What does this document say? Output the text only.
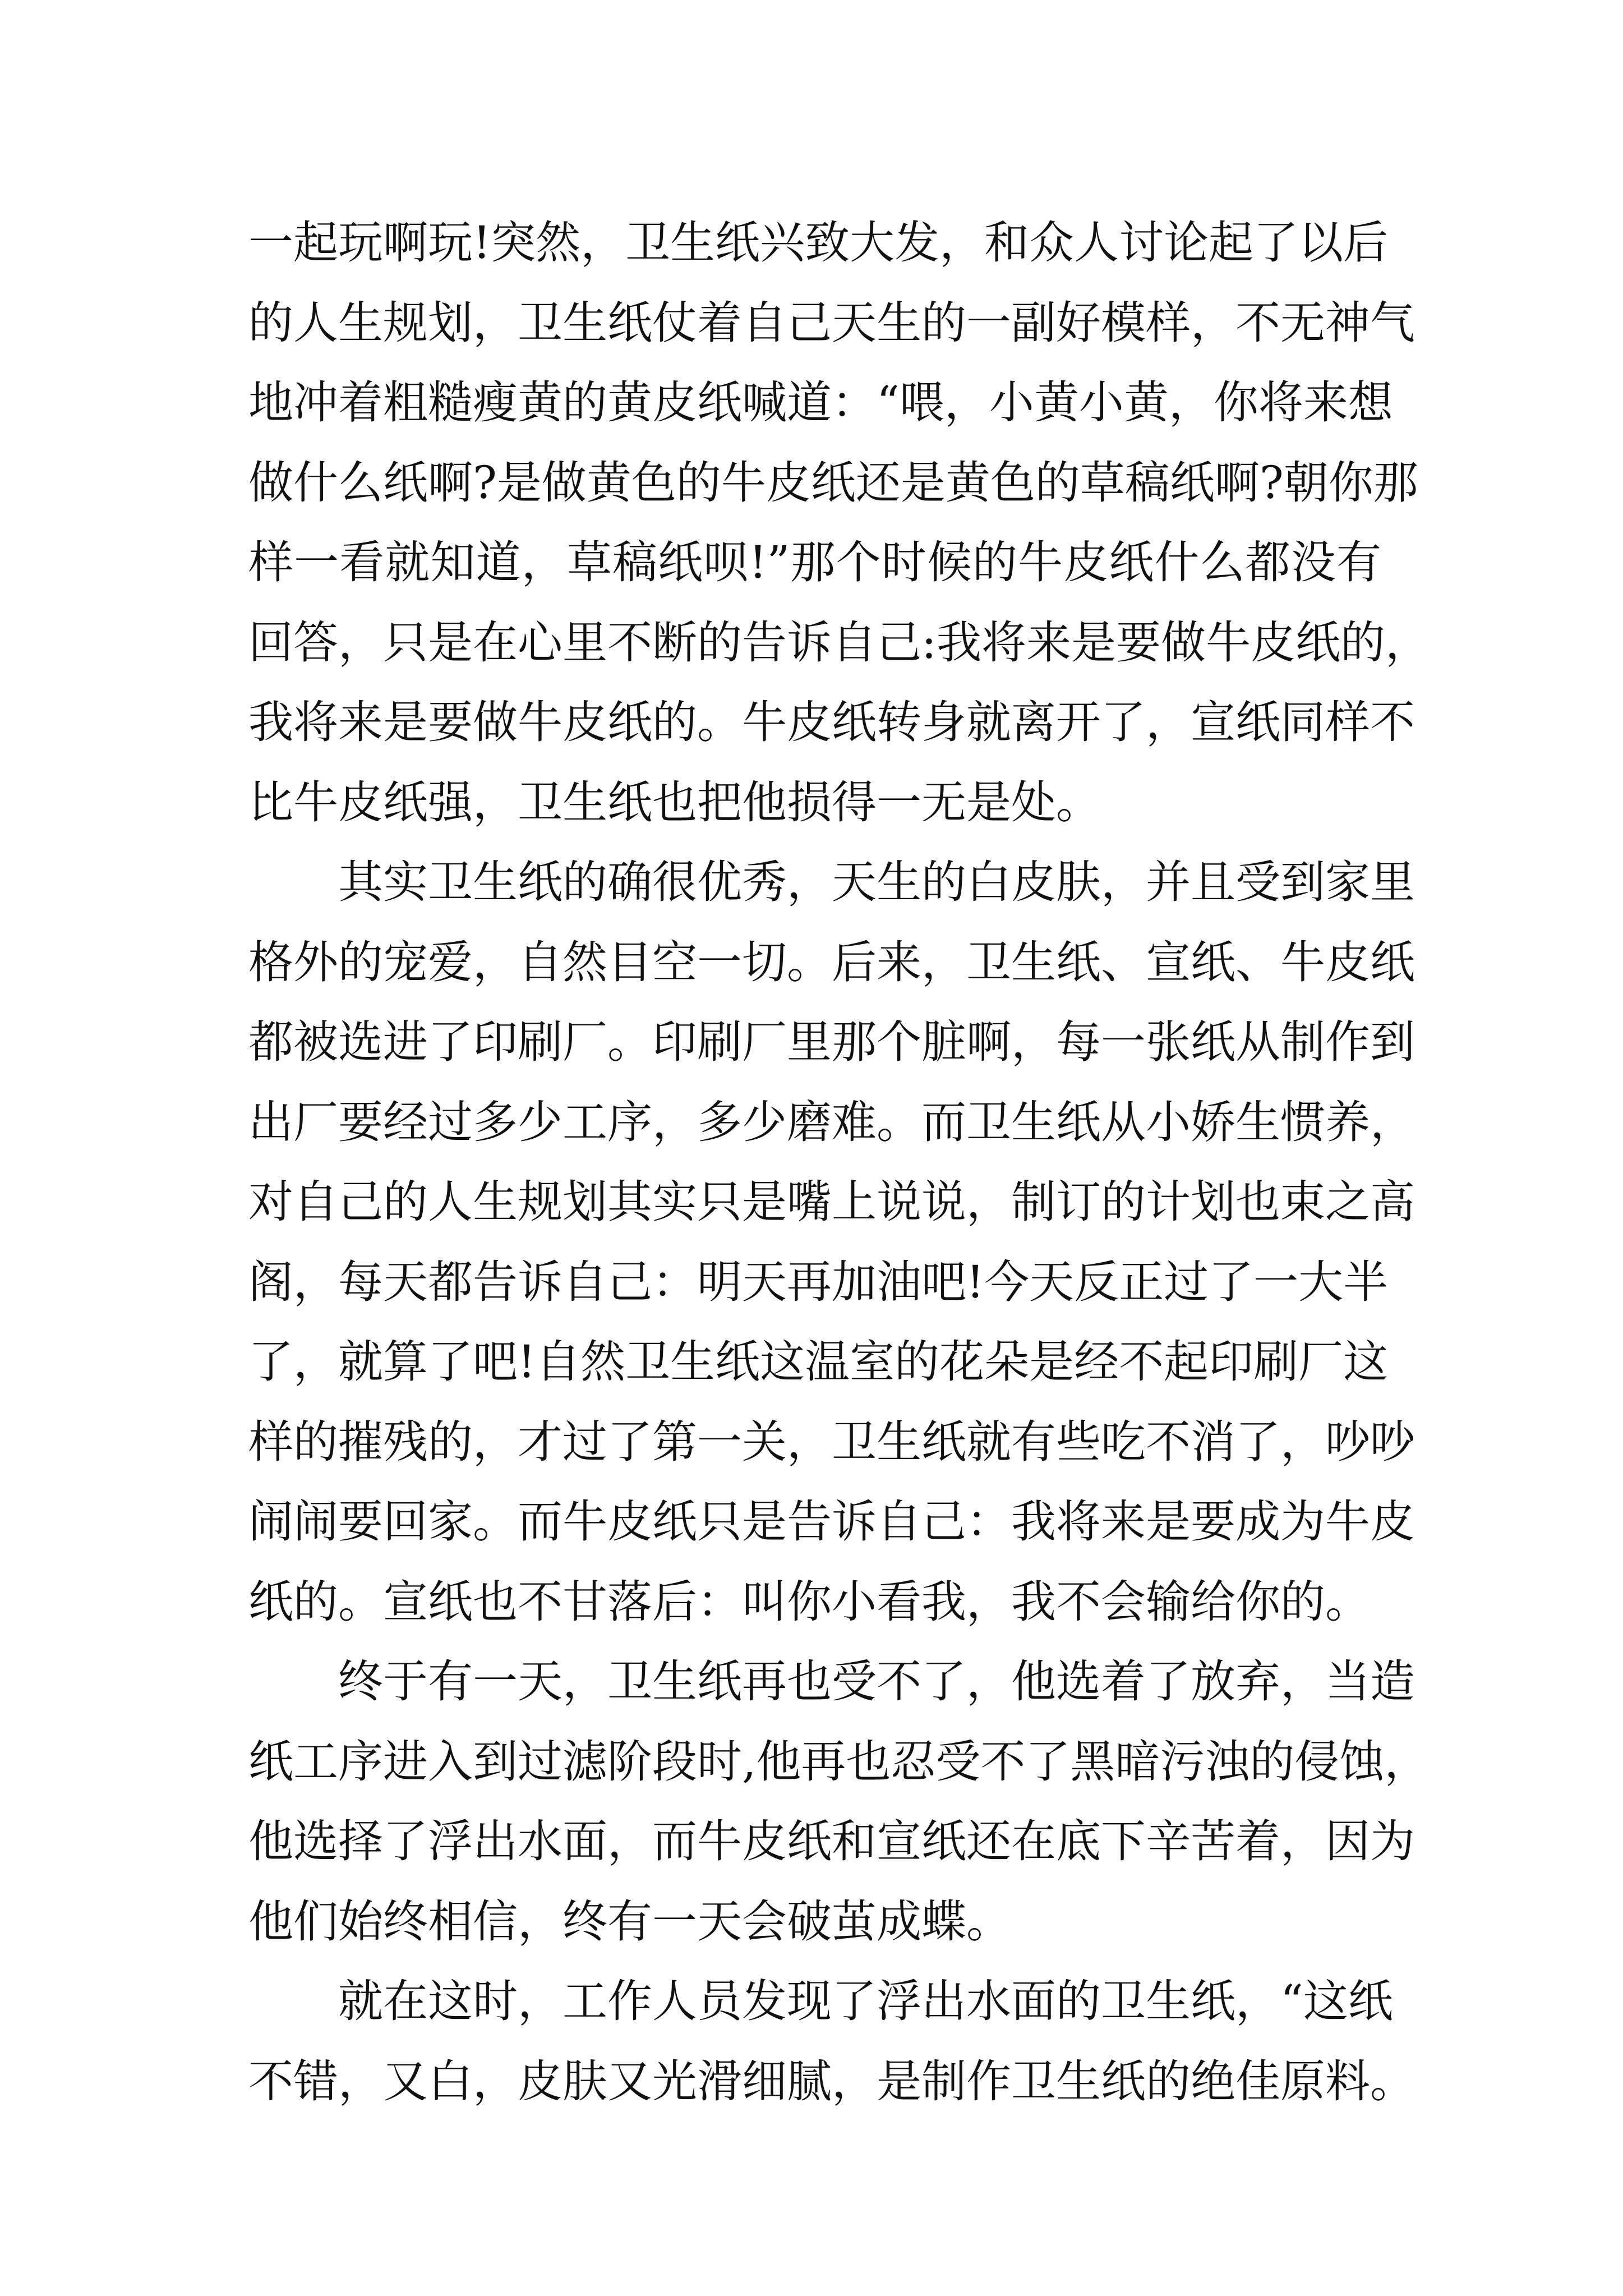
一起玩啊玩!突然，卫生纸兴致大发，和众人讨论起了以后
的人生规划，卫生纸仗着自己天生的一副好模样，不无神气
地冲着粗糙瘦黄的黄皮纸喊道：“喂，小黄小黄，你将来想
做什么纸啊?是做黄色的牛皮纸还是黄色的草稿纸啊?朝你那
样一看就知道，草稿纸呗!”那个时候的牛皮纸什么都没有
回答，只是在心里不断的告诉自己:我将来是要做牛皮纸的，
我将来是要做牛皮纸的。牛皮纸转身就离开了，宣纸同样不
比牛皮纸强，卫生纸也把他损得一无是处。
其实卫生纸的确很优秀，天生的白皮肤，并且受到家里
格外的宠爱，自然目空一切。后来，卫生纸、宣纸、牛皮纸
都被选进了印刷厂。印刷厂里那个脏啊，每一张纸从制作到
出厂要经过多少工序，多少磨难。而卫生纸从小娇生惯养，
对自己的人生规划其实只是嘴上说说，制订的计划也束之高
阁，每天都告诉自己：明天再加油吧!今天反正过了一大半
了，就算了吧!自然卫生纸这温室的花朵是经不起印刷厂这
样的摧残的，才过了第一关，卫生纸就有些吃不消了，吵吵
闹闹要回家。而牛皮纸只是告诉自己：我将来是要成为牛皮
纸的。宣纸也不甘落后：叫你小看我，我不会输给你的。
终于有一天，卫生纸再也受不了，他选着了放弃，当造
纸工序进入到过滤阶段时,他再也忍受不了黑暗污浊的侵蚀，
他选择了浮出水面，而牛皮纸和宣纸还在底下辛苦着，因为
他们始终相信，终有一天会破茧成蝶。
就在这时，工作人员发现了浮出水面的卫生纸，“这纸
不错，又白，皮肤又光滑细腻，是制作卫生纸的绝佳原料。
